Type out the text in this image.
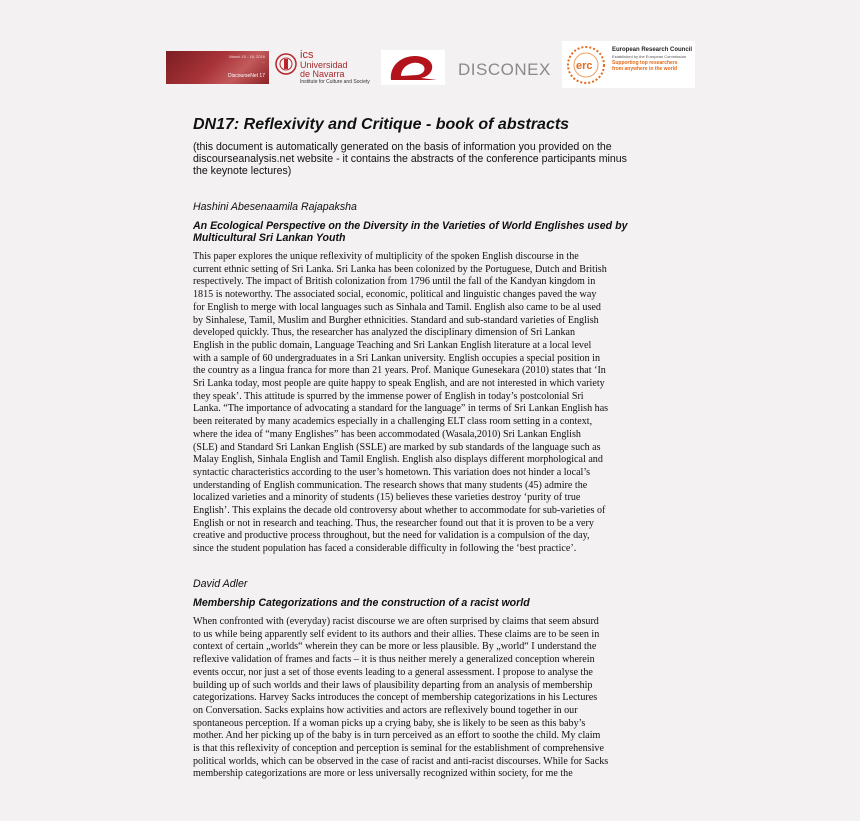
March 15 - 18, 2016 ...
DiscourseNet 17
ics
Universidad
de Navarra
Institute for Culture and Society
DISCONEX	erc
European Research Council
Established by the European Commission
Supporting top researchers
from anywhere in the world
DN17: Reflexivity and Critique - book of abstracts
(this document is automatically generated on the basis of information you provided on the
discourseanalysis.net website - it contains the abstracts of the conference participants minus
the keynote lectures)
Hashini Abesenaamila Rajapaksha
An Ecological Perspective on the Diversity in the Varieties of World Englishes used by
Multicultural Sri Lankan Youth
This paper explores the unique reflexivity of multiplicity of the spoken English discourse in the
current ethnic setting of Sri Lanka. Sri Lanka has been colonized by the Portuguese, Dutch and British
respectively. The impact of British colonization from 1796 until the fall of the Kandyan kingdom in
1815 is noteworthy. The associated social, economic, political and linguistic changes paved the way
for English to merge with local languages such as Sinhala and Tamil. English also came to be al used
by Sinhalese, Tamil, Muslim and Burgher ethnicities. Standard and sub-standard varieties of English
developed quickly. Thus, the researcher has analyzed the disciplinary dimension of Sri Lankan
English in the public domain, Language Teaching and Sri Lankan English literature at a local level
with a sample of 60 undergraduates in a Sri Lankan university. English occupies a special position in
the country as a lingua franca for more than 21 years. Prof. Manique Gunesekara (2010) states that ‘In
Sri Lanka today, most people are quite happy to speak English, and are not interested in which variety
they speak’. This attitude is spurred by the immense power of English in today’s postcolonial Sri
Lanka. “The importance of advocating a standard for the language” in terms of Sri Lankan English has
been reiterated by many academics especially in a challenging ELT class room setting in a context,
where the idea of “many Englishes” has been accommodated (Wasala,2010) Sri Lankan English
(SLE) and Standard Sri Lankan English (SSLE) are marked by sub standards of the language such as
Malay English, Sinhala English and Tamil English. English also displays different morphological and
syntactic characteristics according to the user’s hometown. This variation does not hinder a local’s
understanding of English communication. The research shows that many students (45) admire the
localized varieties and a minority of students (15) believes these varieties destroy ‘purity of true
English’. This explains the decade old controversy about whether to accommodate for sub-varieties of
English or not in research and teaching. Thus, the researcher found out that it is proven to be a very
creative and productive process throughout, but the need for validation is a compulsion of the day,
since the student population has faced a considerable difficulty in following the ‘best practice’.
David Adler
Membership Categorizations and the construction of a racist world
When confronted with (everyday) racist discourse we are often surprised by claims that seem absurd
to us while being apparently self evident to its authors and their allies. These claims are to be seen in
context of certain „worlds“ wherein they can be more or less plausible. By „world“ I understand the
reflexive validation of frames and facts – it is thus neither merely a generalized conception wherein
events occur, nor just a set of those events leading to a general assessment. I propose to analyse the
building up of such worlds and their laws of plausibility departing from an analysis of membership
categorizations. Harvey Sacks introduces the concept of membership categorizations in his Lectures
on Conversation. Sacks explains how activities and actors are reflexively bound together in our
spontaneous perception. If a woman picks up a crying baby, she is likely to be seen as this baby’s
mother. And her picking up of the baby is in turn perceived as an effort to soothe the child. My claim
is that this reflexivity of conception and perception is seminal for the establishment of comprehensive
political worlds, which can be observed in the case of racist and anti-racist discourses. While for Sacks
membership categorizations are more or less universally recognized within society, for me the
